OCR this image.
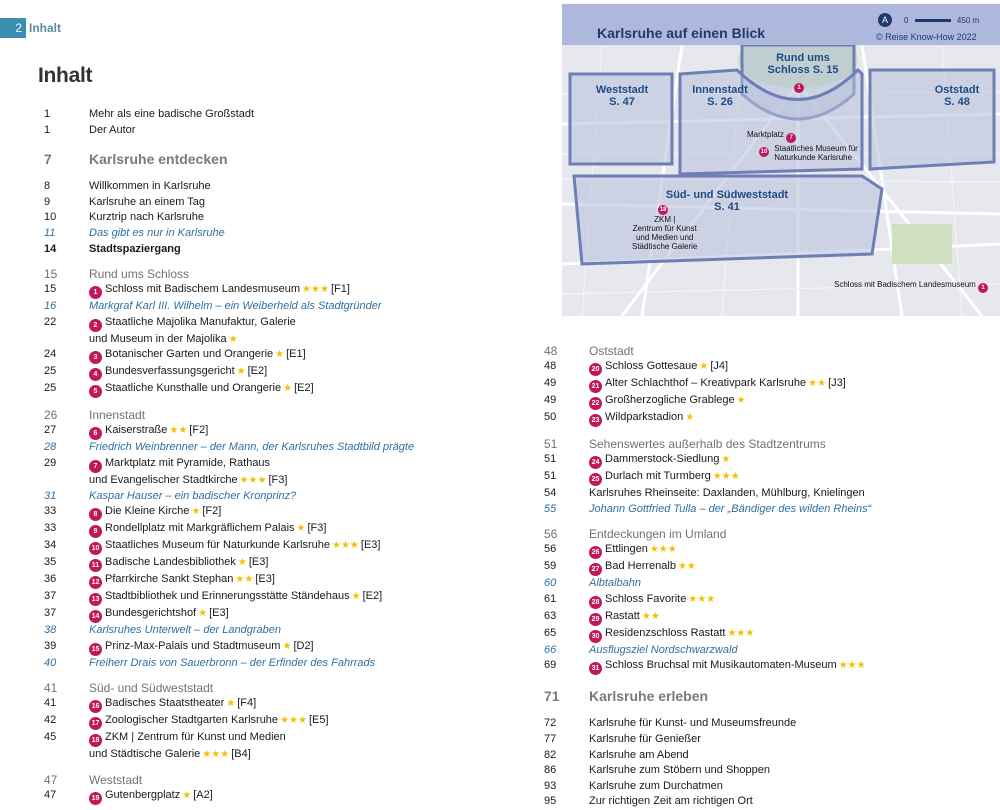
2 Inhalt
Inhalt
1	Mehr als eine badische Großstadt
1	Der Autor
7	Karlsruhe entdecken
8	Willkommen in Karlsruhe
9	Karlsruhe an einem Tag
10	Kurztrip nach Karlsruhe
11	Das gibt es nur in Karlsruhe
14	Stadtspaziergang
15	Rund ums Schloss
15	1 Schloss mit Badischem Landesmuseum ★★★ [F1]
16	Markgraf Karl III. Wilhelm – ein Weiberheld als Stadtgründer
22	2 Staatliche Majolika Manufaktur, Galerie
und Museum in der Majolika ★
24	3 Botanischer Garten und Orangerie ★ [E1]
25	4 Bundesverfassungsgericht ★ [E2]
25	5 Staatliche Kunsthalle und Orangerie ★ [E2]
26	Innenstadt
27	6 Kaiserstraße ★★ [F2]
28	Friedrich Weinbrenner – der Mann, der Karlsruhes Stadtbild prägte
29	7 Marktplatz mit Pyramide, Rathaus
und Evangelischer Stadtkirche ★★★ [F3]
31	Kaspar Hauser – ein badischer Kronprinz?
33	8 Die Kleine Kirche ★ [F2]
33	9 Rondellplatz mit Markgräflichem Palais ★ [F3]
34	10 Staatliches Museum für Naturkunde Karlsruhe ★★★ [E3]
35	11 Badische Landesbibliothek ★ [E3]
36	12 Pfarrkirche Sankt Stephan ★★ [E3]
37	13 Stadtbibliothek und Erinnerungsstätte Ständehaus ★ [E2]
37	14 Bundesgerichtshof ★ [E3]
38	Karlsruhes Unterwelt – der Landgraben
39	15 Prinz-Max-Palais und Stadtmuseum ★ [D2]
40	Freiherr Drais von Sauerbronn – der Erfinder des Fahrrads
41	Süd- und Südweststadt
41	16 Badisches Staatstheater ★ [F4]
42	17 Zoologischer Stadtgarten Karlsruhe ★★★ [E5]
45	18 ZKM | Zentrum für Kunst und Medien
und Städtische Galerie ★★★ [B4]
47	Weststadt
47	19 Gutenbergplatz ★ [A2]
Karlsruhe auf einen Blick
A	0	450 m
© Reise Know-How 2022
Rund ums
Schloss S. 15
Weststadt
S. 47
Innenstadt
S. 26
Oststadt
S. 48
Süd- und Südweststadt
S. 41
1
Marktplatz 7
10 Staatliches Museum für
Naturkunde Karlsruhe
18
ZKM |
Zentrum für Kunst
und Medien und
Städtische Galerie
Schloss mit Badischem Landesmuseum 1
48	Oststadt
48	20 Schloss Gottesaue ★ [J4]
49	21 Alter Schlachthof – Kreativpark Karlsruhe ★★ [J3]
49	22 Großherzogliche Grablege ★
50	23 Wildparkstadion ★
51	Sehenswertes außerhalb des Stadtzentrums
51	24 Dammerstock-Siedlung ★
51	25 Durlach mit Turmberg ★★★
54	Karlsruhes Rheinseite: Daxlanden, Mühlburg, Knielingen
55	Johann Gottfried Tulla – der „Bändiger des wilden Rheins“
56	Entdeckungen im Umland
56	26 Ettlingen ★★★
59	27 Bad Herrenalb ★★
60	Albtalbahn
61	28 Schloss Favorite ★★★
63	29 Rastatt ★★
65	30 Residenzschloss Rastatt ★★★
66	Ausflugsziel Nordschwarzwald
69	31 Schloss Bruchsal mit Musikautomaten-Museum ★★★
71	Karlsruhe erleben
72	Karlsruhe für Kunst- und Museumsfreunde
77	Karlsruhe für Genießer
82	Karlsruhe am Abend
86	Karlsruhe zum Stöbern und Shoppen
93	Karlsruhe zum Durchatmen
95	Zur richtigen Zeit am richtigen Ort
